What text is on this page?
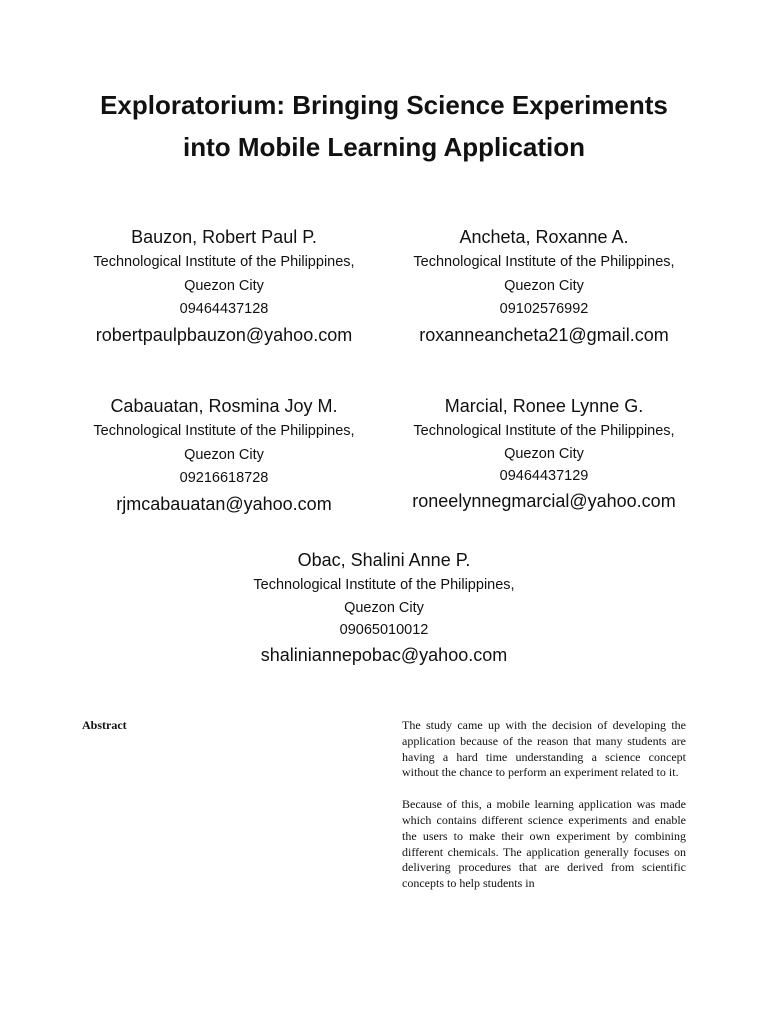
Exploratorium: Bringing Science Experiments
into Mobile Learning Application
Bauzon, Robert Paul P.
Technological Institute of the Philippines,
Quezon City
09464437128
robertpaulpbauzon@yahoo.com
Ancheta, Roxanne A.
Technological Institute of the Philippines,
Quezon City
09102576992
roxanneancheta21@gmail.com
Cabauatan, Rosmina Joy M.
Technological Institute of the Philippines,
Quezon City
09216618728
rjmcabauatan@yahoo.com
Marcial, Ronee Lynne G.
Technological Institute of the Philippines,
Quezon City
09464437129
roneelynnegmarcial@yahoo.com
Obac, Shalini Anne P.
Technological Institute of the Philippines,
Quezon City
09065010012
shaliniannepobac@yahoo.com
Abstract	The study came up with the decision of developing the application because of the reason that many students are having a hard time understanding a science concept without the chance to perform an experiment related to it.

Because of this, a mobile learning application was made which contains different science experiments and enable the users to make their own experiment by combining different chemicals. The application generally focuses on delivering procedures that are derived from scientific concepts to help students in
